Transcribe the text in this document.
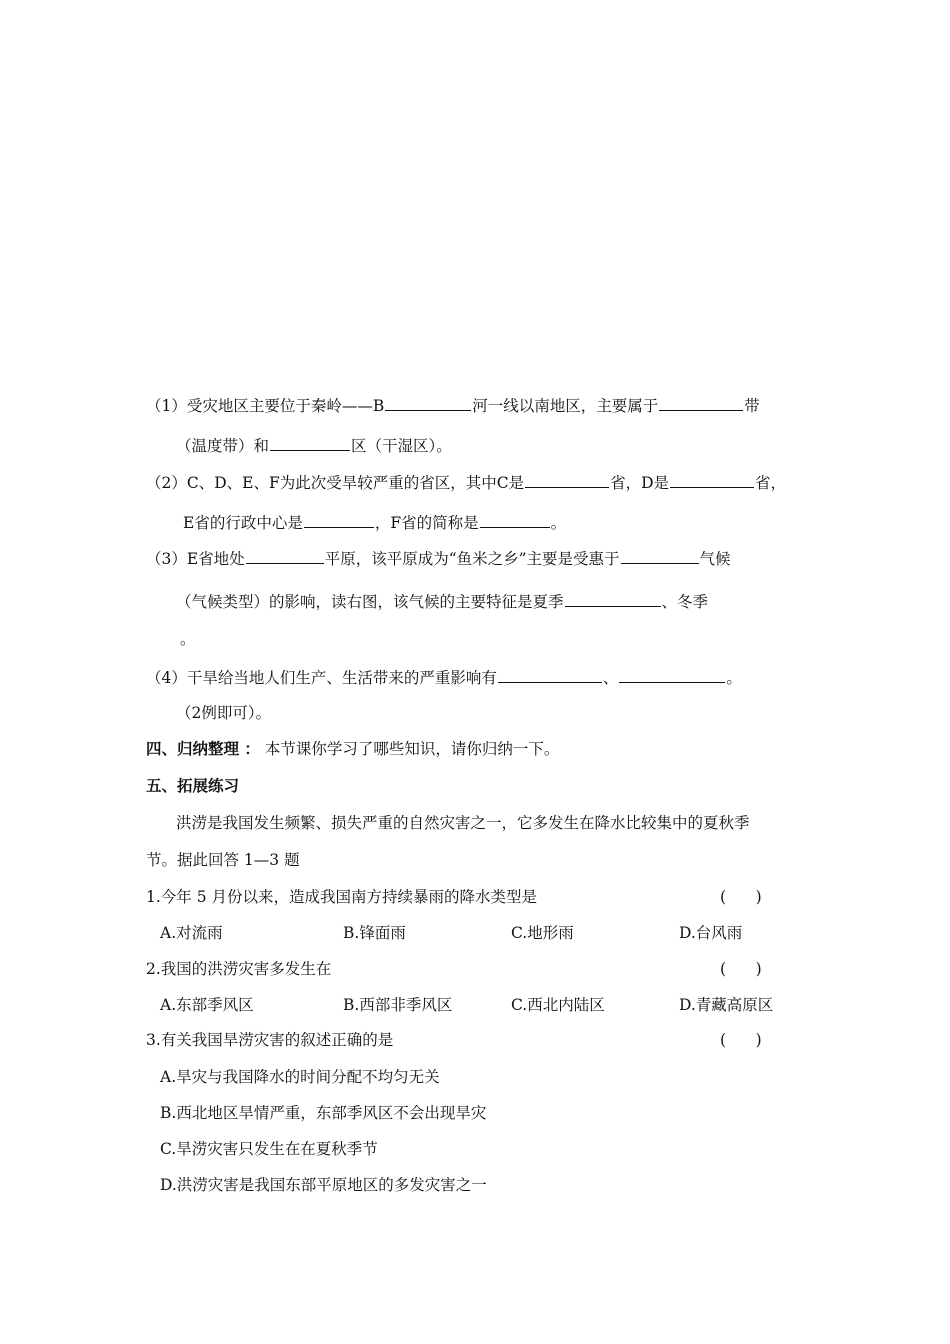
（1）受灾地区主要位于秦岭——B	河一线以南地区，主要属于	带
（温度带）和	区（干湿区）。
（2）C、D、E、F为此次受旱较严重的省区，其中C是	省，D是	省，
E省的行政中心是	，F省的简称是	。
（3）E省地处	平原，该平原成为“鱼米之乡”主要是受惠于	气候
（气候类型）的影响，读右图，该气候的主要特征是夏季	、冬季
。
（4）干旱给当地人们生产、生活带来的严重影响有	、	。
（2例即可）。
四、归纳整理 ： 本节课你学习了哪些知识，请你归纳一下。
五、拓展练习
洪涝是我国发生频繁、损失严重的自然灾害之一，它多发生在降水比较集中的夏秋季
节。据此回答 1—3 题
1.今年 5 月份以来，造成我国南方持续暴雨的降水类型是	(      )
A.对流雨	B.锋面雨	C.地形雨	D.台风雨
2.我国的洪涝灾害多发生在	(      )
A.东部季风区	B.西部非季风区	C.西北内陆区	D.青藏高原区
3.有关我国旱涝灾害的叙述正确的是	(      )
A.旱灾与我国降水的时间分配不均匀无关
B.西北地区旱情严重，东部季风区不会出现旱灾
C.旱涝灾害只发生在在夏秋季节
D.洪涝灾害是我国东部平原地区的多发灾害之一
